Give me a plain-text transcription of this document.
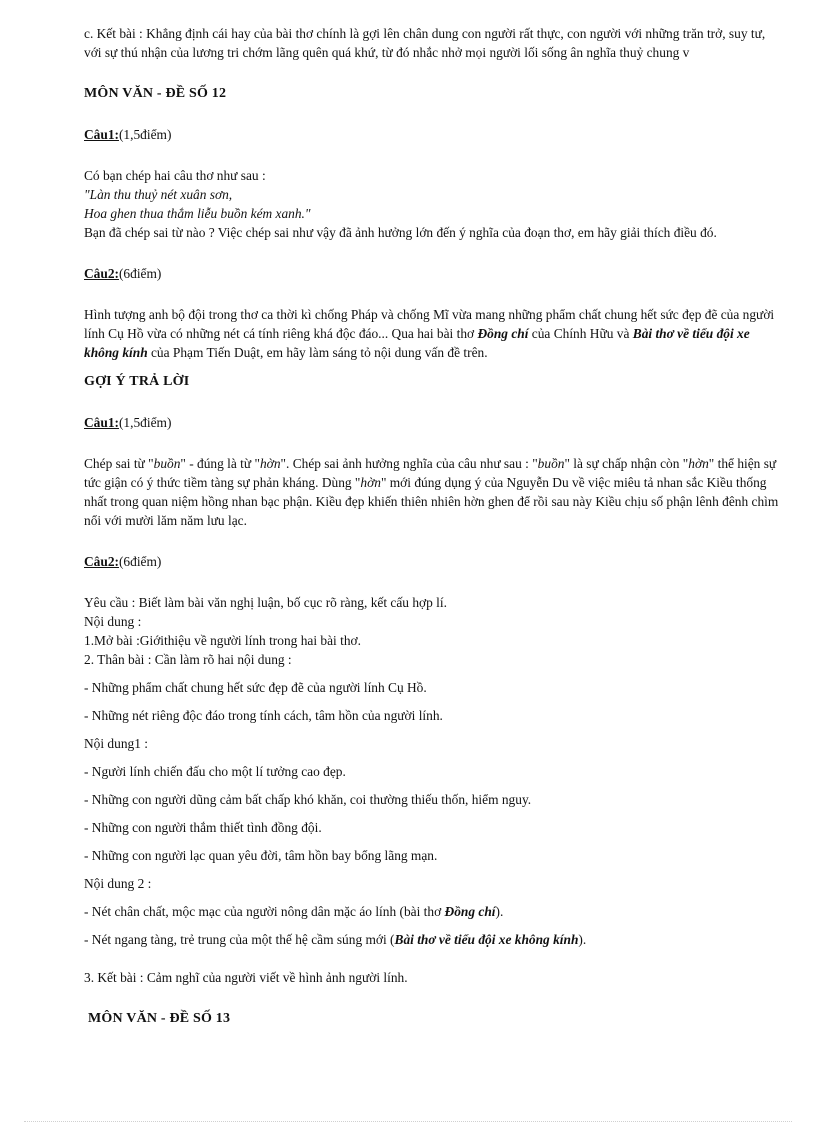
c. Kết bài : Khẳng định cái hay của bài thơ chính là gợi lên chân dung con người rất thực, con người với những trăn trở, suy tư, với sự thú nhận của lương tri chớm lãng quên quá khứ, từ đó nhắc nhở mọi người lối sống ân nghĩa thuỷ chung v

MÔN VĂN - ĐỀ SỐ 12

Câu1:(1,5điểm)

Có bạn chép hai câu thơ như sau :

"Làn thu thuỷ nét xuân sơn,

Hoa ghen thua thắm liễu buồn kém xanh."

Bạn đã chép sai từ nào ? Việc chép sai như vậy đã ảnh hưởng lớn đến ý nghĩa của đoạn thơ, em hãy giải thích điều đó.

Câu2:(6điểm)

Hình tượng anh bộ đội trong thơ ca thời kì chống Pháp và chống Mĩ vừa mang những phẩm chất chung hết sức đẹp đẽ của người lính Cụ Hồ vừa có những nét cá tính riêng khá độc đáo... Qua hai bài thơ Đồng chí của Chính Hữu và Bài thơ về tiểu đội xe không kính của Phạm Tiến Duật, em hãy làm sáng tỏ nội dung vấn đề trên.

GỢI Ý TRẢ LỜI

Câu1:(1,5điểm)

Chép sai từ "buồn" - đúng là từ "hờn". Chép sai ảnh hưởng nghĩa của câu như sau : "buồn" là sự chấp nhận còn "hờn" thể hiện sự tức giận có ý thức tiềm tàng sự phản kháng. Dùng "hờn" mới đúng dụng ý của Nguyễn Du về việc miêu tả nhan sắc Kiều thống nhất trong quan niệm hồng nhan bạc phận. Kiều đẹp khiến thiên nhiên hờn ghen để rồi sau này Kiều chịu số phận lênh đênh chìm nổi với mười lăm năm lưu lạc.

Câu2:(6điểm)

Yêu cầu : Biết làm bài văn nghị luận, bố cục rõ ràng, kết cấu hợp lí.

Nội dung :

1.Mở bài :Giớithiệu về người lính trong hai bài thơ.

2. Thân bài : Cần làm rõ hai nội dung :

- Những phẩm chất chung hết sức đẹp đẽ của người lính Cụ Hồ.

- Những nét riêng độc đáo trong tính cách, tâm hồn của người lính.

Nội dung1 :

- Người lính chiến đấu cho một lí tưởng cao đẹp.

- Những con người dũng cảm bất chấp khó khăn, coi thường thiếu thốn, hiểm nguy.

- Những con người thắm thiết tình đồng đội.

- Những con người lạc quan yêu đời, tâm hồn bay bổng lãng mạn.

Nội dung 2 :

- Nét chân chất, mộc mạc của người nông dân mặc áo lính (bài thơ Đồng chí).

- Nét ngang tàng, trẻ trung của một thế hệ cầm súng mới (Bài thơ về tiểu đội xe không kính).

3. Kết bài : Cảm nghĩ của người viết về hình ảnh người lính.

MÔN VĂN - ĐỀ SỐ 13
